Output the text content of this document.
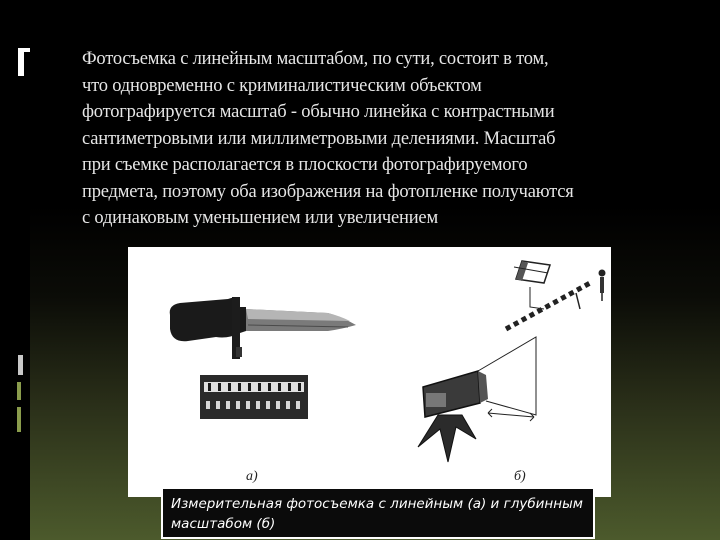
Фотосъемка с линейным масштабом, по сути, состоит в том,
что одновременно с криминалистическим объектом
фотографируется масштаб - обычно линейка с контрастными
сантиметровыми или миллиметровыми делениями. Масштаб
при съемке располагается в плоскости фотографируемого
предмета, поэтому оба изображения на фотопленке получаются
с одинаковым уменьшением или увеличением

а)	б)
Измерительная фотосъемка с линейным (а) и глубинным масштабом (б)
